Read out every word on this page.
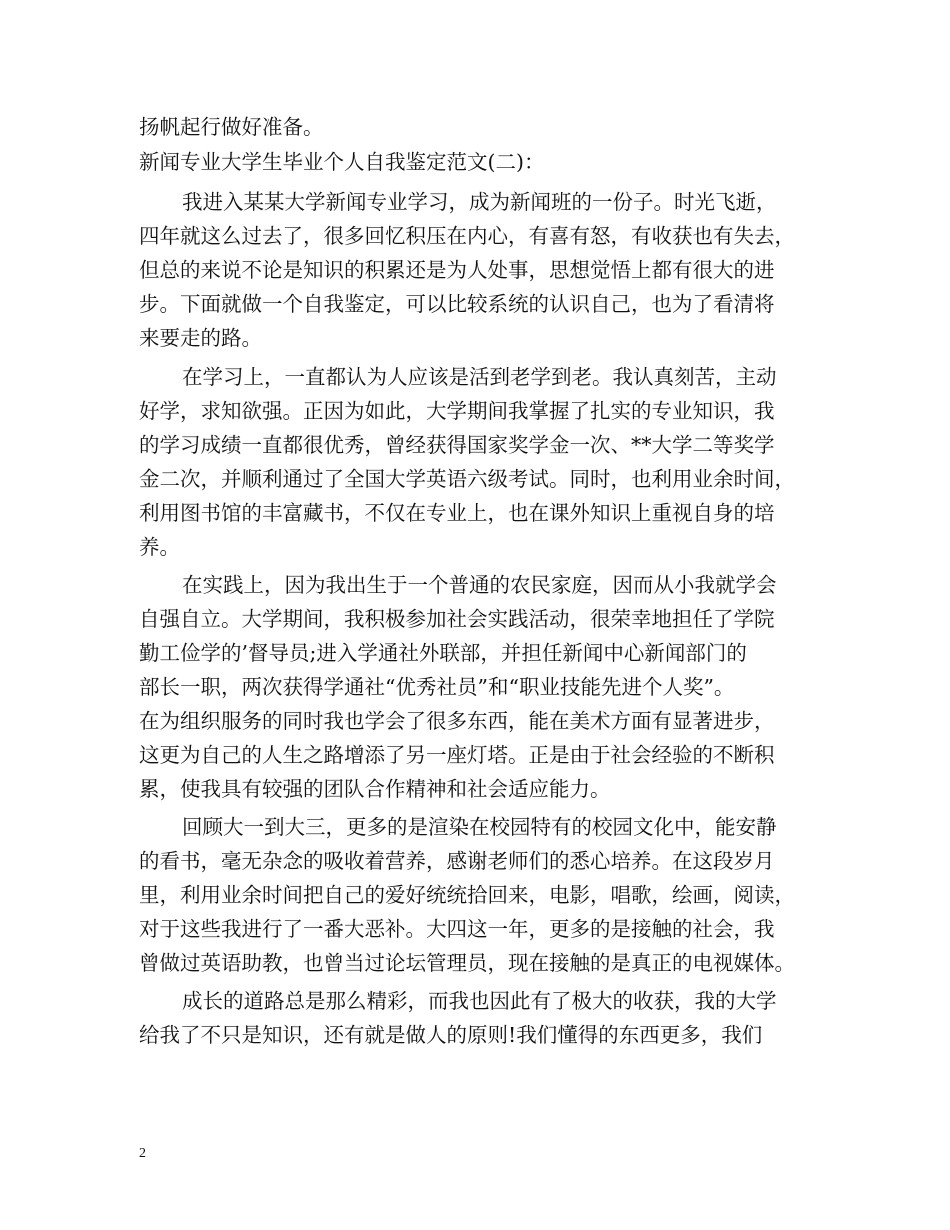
扬帆起行做好准备。
新闻专业大学生毕业个人自我鉴定范文(二)：
我进入某某大学新闻专业学习，成为新闻班的一份子。时光飞逝，
四年就这么过去了，很多回忆积压在内心，有喜有怒，有收获也有失去，
但总的来说不论是知识的积累还是为人处事，思想觉悟上都有很大的进
步。下面就做一个自我鉴定，可以比较系统的认识自己，也为了看清将
来要走的路。
在学习上，一直都认为人应该是活到老学到老。我认真刻苦，主动
好学，求知欲强。正因为如此，大学期间我掌握了扎实的专业知识，我
的学习成绩一直都很优秀，曾经获得国家奖学金一次、**大学二等奖学
金二次，并顺利通过了全国大学英语六级考试。同时，也利用业余时间，
利用图书馆的丰富藏书，不仅在专业上，也在课外知识上重视自身的培
养。
在实践上，因为我出生于一个普通的农民家庭，因而从小我就学会
自强自立。大学期间，我积极参加社会实践活动，很荣幸地担任了学院
勤工俭学的’督导员;进入学通社外联部，并担任新闻中心新闻部门的
部长一职，两次获得学通社“优秀社员”和“职业技能先进个人奖”。
在为组织服务的同时我也学会了很多东西，能在美术方面有显著进步，
这更为自己的人生之路增添了另一座灯塔。正是由于社会经验的不断积
累，使我具有较强的团队合作精神和社会适应能力。
回顾大一到大三，更多的是渲染在校园特有的校园文化中，能安静
的看书，毫无杂念的吸收着营养，感谢老师们的悉心培养。在这段岁月
里，利用业余时间把自己的爱好统统拾回来，电影，唱歌，绘画，阅读，
对于这些我进行了一番大恶补。大四这一年，更多的是接触的社会，我
曾做过英语助教，也曾当过论坛管理员，现在接触的是真正的电视媒体。
成长的道路总是那么精彩，而我也因此有了极大的收获，我的大学
给我了不只是知识，还有就是做人的原则!我们懂得的东西更多，我们
2
